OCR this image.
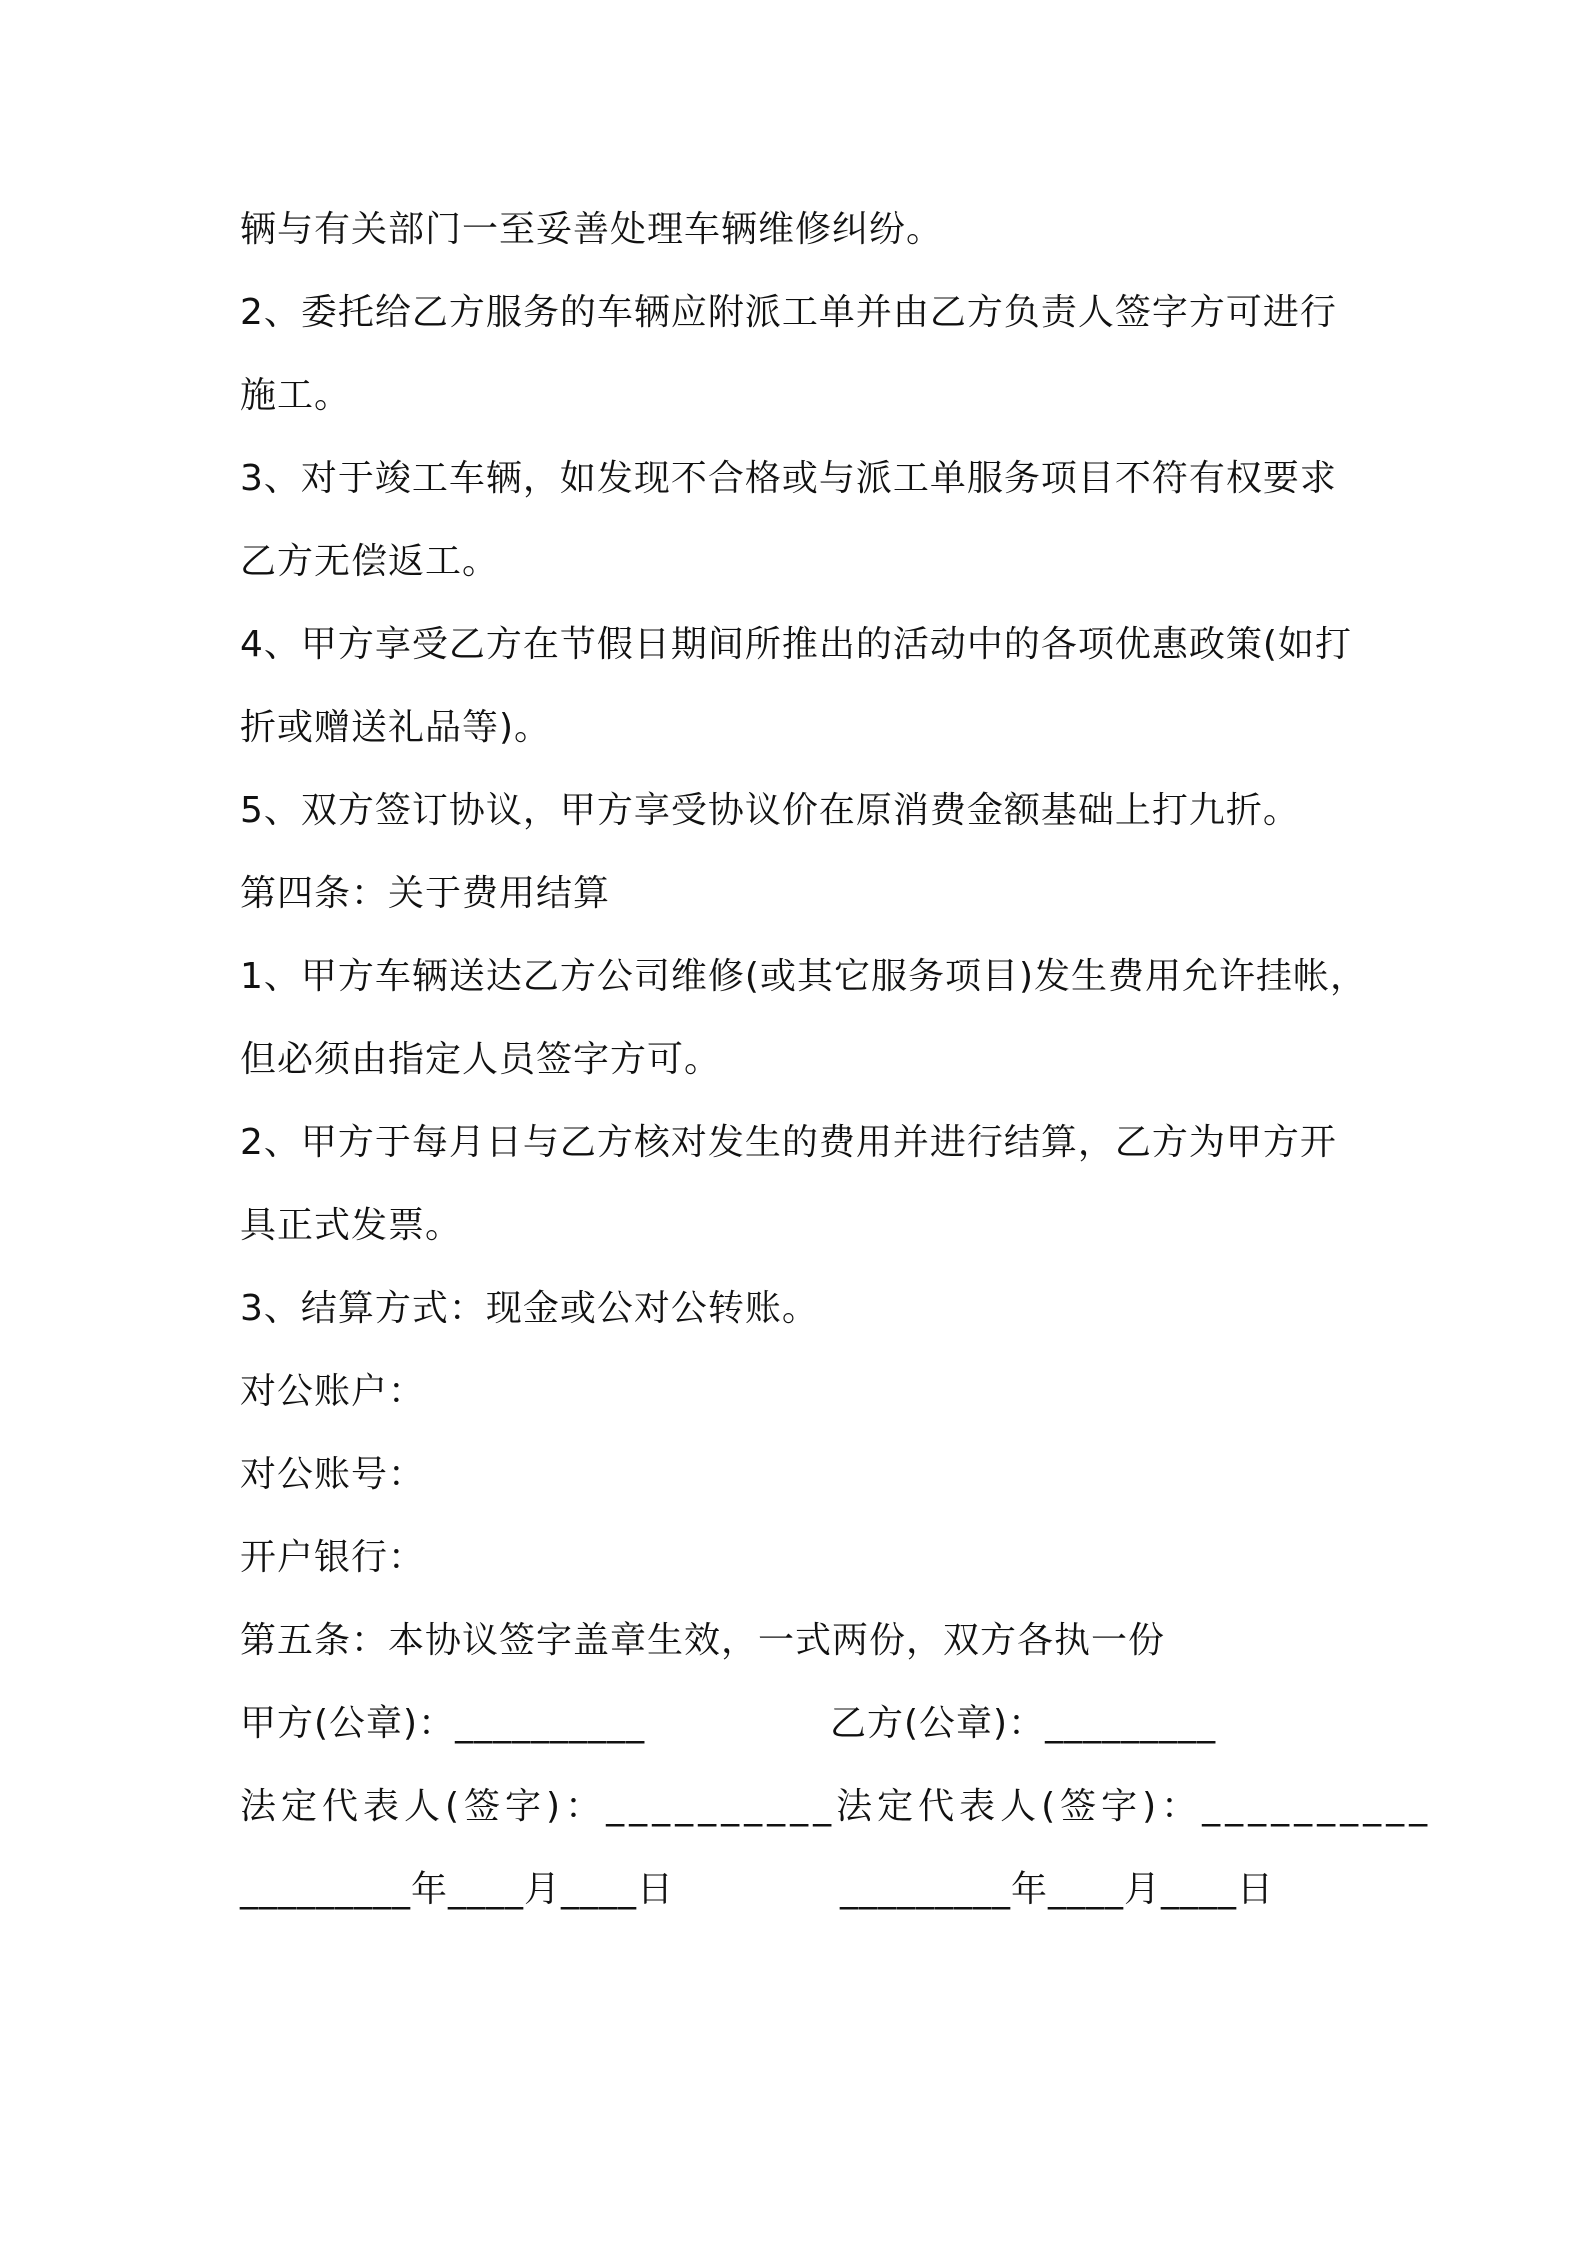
辆与有关部门一至妥善处理车辆维修纠纷。
2、委托给乙方服务的车辆应附派工单并由乙方负责人签字方可进行
施工。
3、对于竣工车辆，如发现不合格或与派工单服务项目不符有权要求
乙方无偿返工。
4、甲方享受乙方在节假日期间所推出的活动中的各项优惠政策(如打
折或赠送礼品等)。
5、双方签订协议，甲方享受协议价在原消费金额基础上打九折。
第四条：关于费用结算
1、甲方车辆送达乙方公司维修(或其它服务项目)发生费用允许挂帐，
但必须由指定人员签字方可。
2、甲方于每月日与乙方核对发生的费用并进行结算，乙方为甲方开
具正式发票。
3、结算方式：现金或公对公转账。
对公账户：
对公账号：
开户银行：
第五条：本协议签字盖章生效，一式两份，双方各执一份
甲方(公章)：__________	乙方(公章)：_________
法定代表人(签字)：__________ 法定代表人(签字)：__________
_________年____月____日	_________年____月____日
